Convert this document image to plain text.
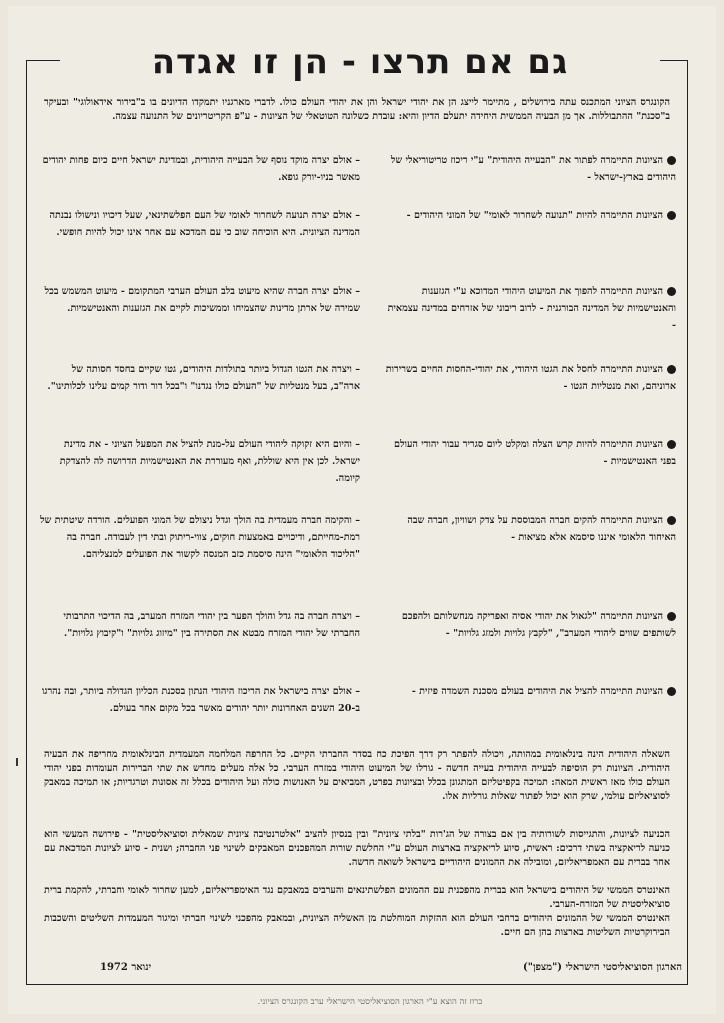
גם אם תרצו - הן זו אגדה
הקונגרס הציוני המתכנס עתה בירושלים , מתיימר לייצג הן את יהודי ישראל והן את יהודי העולם כולו. לדברי מארגניו יתמקדו הדיונים בו ב"בירור אידאולוגי" ובעיקר ב"סכנת" ההתבוללות. אך מן הבעיה הממשית היחידה יתעלם הדיון והיא: עובדת כשלונה הטוטאלי של הציונות - ע"פ הקריטריונים של התנועה עצמה.
הציונות התיימרה לפתור את "הבעייה היהודית" ע"י ריכוז טריטוריאלי של היהודים בארץ-ישראל -
– אולם יצרה מוקד נוסף של הבעייה היהודית, ובמדינת ישראל חיים כיום פחות יהודים מאשר בניו-יורק גופא.
הציונות התיימרה להיות "תנועה לשחרור לאומי" של המוני היהודים -
– אולם יצרה תנועה לשחרור לאומי של העם הפלשתינאי, שעל דיכויו ונישולו נבנתה המדינה הציונית. היא הוכיחה שוב כי עם המדכא עם אחר אינו יכול להיות חופשי.
הציונות התיימרה להפוך את המיעוט היהודי המדוכא ע"י הגזענות והאנטישמיות של המדינה הבורגנית - לרוב ריבוני של אזרחים במדינה עצמאית -
– אולם יצרה חברה שהיא מיעוט בלב העולם הערבי המתקומם - מיעוט המשמש בכל שמירה של ארתן מדינות שהצמיחו וממשיכות לקיים את הגזענות והאנטישמיות.
הציונות התיימרה לחסל את הגטו היהודי, את יהודי-החסות החיים בשרירות ארוניהם, ואת מנטליות הגטו -
– ויצרה את הגטו הגדול ביותר בתולדות היהודים, גטו שקיים בחסד חסותה של ארה"ב, בעל מנטליות של "העולם כולו נגדנו" ו"בכל דור ודור קמים עלינו לכלותינו".
הציונות התיימרה להיות קרש הצלה ומקלט ליום סגריר עבור יהודי העולם בפני האנטישמיות -
– והיום היא זקוקה ליהודי העולם על-מנת להציל את המפעל הציוני - את מדינת ישראל. לכן אין היא שוללת, ואף מעוררת את האנטישמיות הדרושה לה להצדקת קיומה.
הציונות התיימרה להקים חברה המבוססת על צדק ושוויון, חברה שבה האיחוד הלאומי איננו סיסמא אלא מציאות -
– והקימה חברה מעמדית בה הולך וגדל ניצולם של המוני הפועלים. הורדה שיטתית של רמת-מחייתם, ודיכויים באמצעות חוקים, צווי-ריתוק ובתי דין לעבודה. חברה בה "הליכוד הלאומי" הינה סיסמת כזב המנסה לקשור את הפועלים למנצליהם.
הציונות התיימרה "לגאול את יהודי אסיה ואפריקה מנחשלותם ולהפכם לשותפים שווים ליהודי המערב", "לקבץ גלויות ולמזג גלויות" -
– ויצרה חברה בה גדל והולך הפער בין יהודי המזרח המערב, בה הדיכוי התרבותי החברתי של יהודי המזרח מבטא את הסתירה בין "מיזוג גלויות" ו"קיבוץ גלויות".
הציונות התיימרה להציל את היהודים בעולם מסכנת השמדה פיזית -
– אולם יצרה בישראל את הריכוז היהודי הנתון בסכנת הכליון הגדולה ביותר, ובה נהרגו ב-20 השנים האחרונות יותר יהודים מאשר בכל מקום אחר בעולם.
השאלה היהודית הינה בינלאומית במהותה, ויכולה להפתר רק דרך הפיכת כח בסדר החברתי הקיים. כל החרפה המלחמה המעמדית הבינלאומית מחריפה את הבעיה היהודית. הציונות רק הוסיפה לבעייה היהודית בעייה חדשה - גורלו של המיעוט היהודי במזרח הערבי. כל אלה מעלים מחדש את שתי הברירות העומדות בפני יהודי העולם כולו מאז ראשית המאה: תמיכה בקפיטליזם המתגונן בכלל ובציונות בפרט, המביאים על האנושות כולה ועל היהודים בכלל זה אסונות וטרגדיות; או תמיכה במאבק לסוציאליזם עולמי, שרק הוא יכול לפתור שאלות גורליות אלו.
הכניעה לציונות, והתגייסות לשורותיה בין אם בצורה של הג'רות "בלתי ציונית" ובין בנסיון להציב "אלטרנטיבה ציונית שמאלית וסוציאליסטית" - פירושה המעשי הוא כניעה לריאקציה בשתי דרכים: ראשית, סיוע לריאקציה בארצות העולם ע"י החלשת שורות המהפכנים המאבקים לשינוי פני החברה; ושנית - סיוע לציונות המדכאת עם אחר בברית עם האמפריאליזם, ומובילה את ההמונים היהודיים בישראל לשואה חדשה.
האינטרס הממשי של היהודים בישראל הוא בברית מהפכנית עם ההמונים הפלשתינאים והערבים במאבקם נגד האימפריאליזם, למען שחרור לאומי וחברתי, להקמת ברית סוציאליסטית של המזרח-הערבי.
האינטרס הממשי של ההמונים היהודים ברחבי העולם הוא ההזקות המוחלטת מן האשליה הציונית, ובמאבק מהפכני לשינוי חברתי ומיגור המעמדות השליטים והשכבות הבירוקרטיות השליטות בארצות בהן הם חיים.
הארגון הסוציאליסטי הישראלי ("מצפן")
ינואר 1972
כרוז זה הוצא ע"י הארגון הסוציאליסטי הישראלי ערב הקונגרס הציוני.
